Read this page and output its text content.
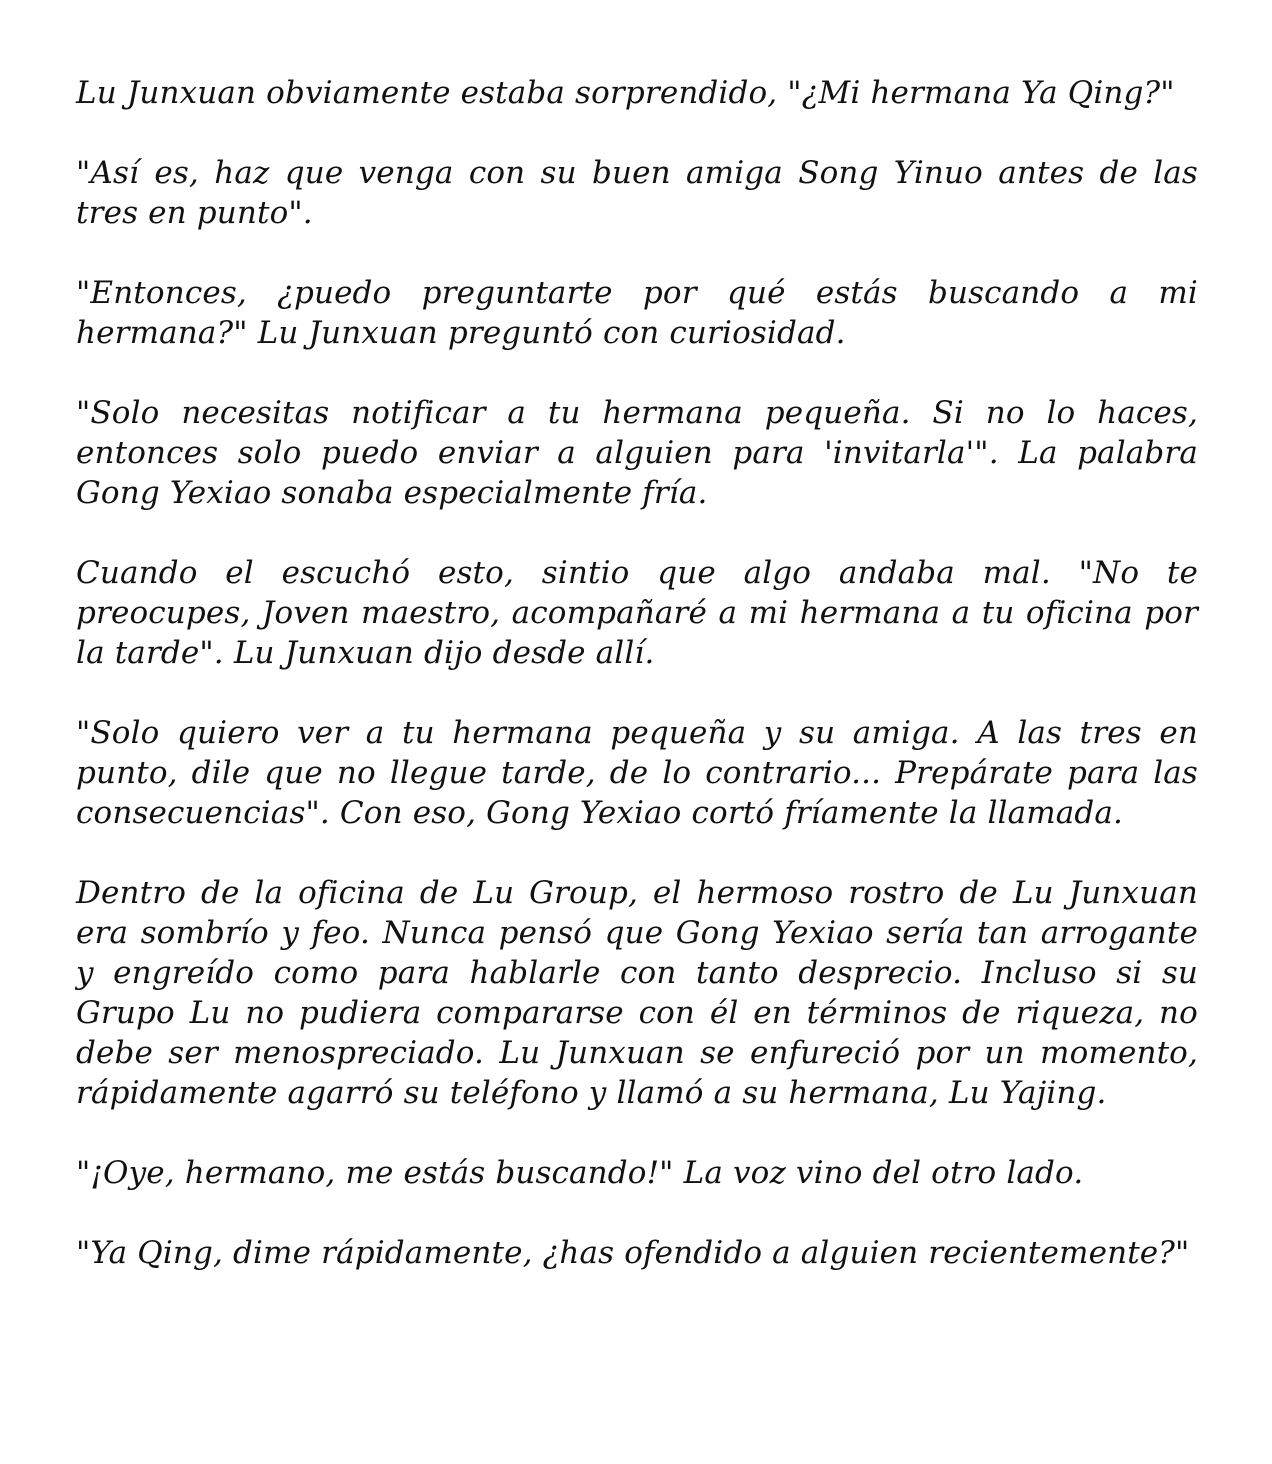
Lu Junxuan obviamente estaba sorprendido, "¿Mi hermana Ya Qing?"

"Así es, haz que venga con su buen amiga Song Yinuo antes de las tres en punto".

"Entonces, ¿puedo preguntarte por qué estás buscando a mi hermana?" Lu Junxuan preguntó con curiosidad.

"Solo necesitas notificar a tu hermana pequeña. Si no lo haces, entonces solo puedo enviar a alguien para 'invitarla'". La palabra Gong Yexiao sonaba especialmente fría.

Cuando el escuchó esto, sintio que algo andaba mal. "No te preocupes, Joven maestro, acompañaré a mi hermana a tu oficina por la tarde". Lu Junxuan dijo desde allí.

"Solo quiero ver a tu hermana pequeña y su amiga. A las tres en punto, dile que no llegue tarde, de lo contrario... Prepárate para las consecuencias". Con eso, Gong Yexiao cortó fríamente la llamada.

Dentro de la oficina de Lu Group, el hermoso rostro de Lu Junxuan era sombrío y feo. Nunca pensó que Gong Yexiao sería tan arrogante y engreído como para hablarle con tanto desprecio. Incluso si su Grupo Lu no pudiera compararse con él en términos de riqueza, no debe ser menospreciado. Lu Junxuan se enfureció por un momento, rápidamente agarró su teléfono y llamó a su hermana, Lu Yajing.

"¡Oye, hermano, me estás buscando!" La voz vino del otro lado.

"Ya Qing, dime rápidamente, ¿has ofendido a alguien recientemente?"
